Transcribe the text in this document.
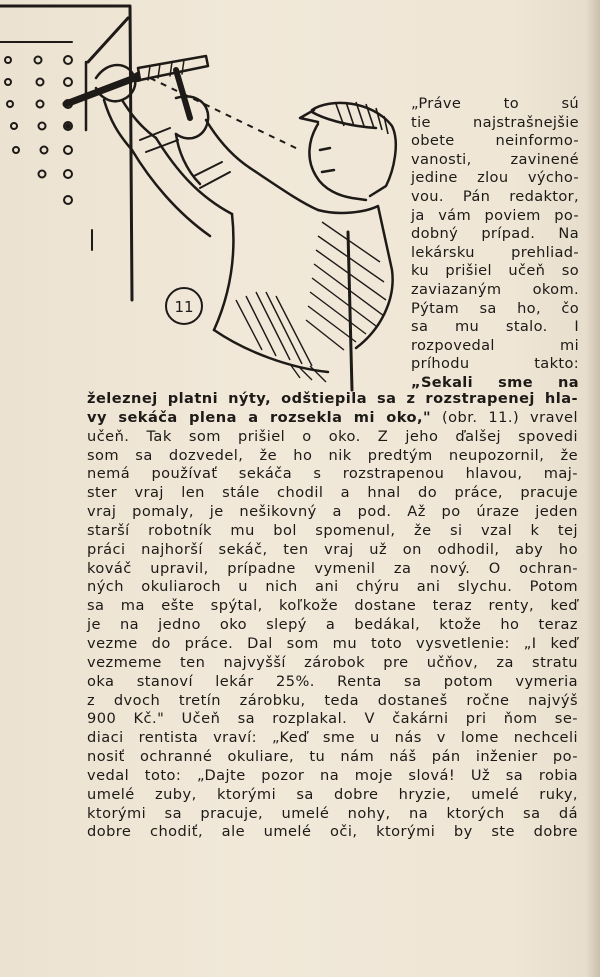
11
„Práve to sú
tie najstrašnejšie
obete neinformo-
vanosti, zavinené
jedine zlou výcho-
vou. Pán redaktor,
ja vám poviem po-
dobný prípad. Na
lekársku prehliad-
ku prišiel učeň so
zaviazaným okom.
Pýtam sa ho, čo
sa mu stalo. I
rozpovedal mi
príhodu takto:
„Sekali sme na
železnej platni nýty, odštiepila sa z rozstrapenej hla-
vy sekáča plena a rozsekla mi oko," (obr. 11.) vravel
učeň. Tak som prišiel o oko. Z jeho ďalšej spovedi
som sa dozvedel, že ho nik predtým neupozornil, že
nemá používať sekáča s rozstrapenou hlavou, maj-
ster vraj len stále chodil a hnal do práce, pracuje
vraj pomaly, je nešikovný a pod. Až po úraze jeden
starší robotník mu bol spomenul, že si vzal k tej
práci najhorší sekáč, ten vraj už on odhodil, aby ho
kováč upravil, prípadne vymenil za nový. O ochran-
ných okuliaroch u nich ani chýru ani slychu. Potom
sa ma ešte spýtal, koľkože dostane teraz renty, keď
je na jedno oko slepý a bedákal, ktože ho teraz
vezme do práce. Dal som mu toto vysvetlenie: „I keď
vezmeme ten najvyšší zárobok pre učňov, za stratu
oka stanoví lekár 25%. Renta sa potom vymeria
z dvoch tretín zárobku, teda dostaneš ročne najvýš
900 Kč." Učeň sa rozplakal. V čakárni pri ňom se-
diaci rentista vraví: „Keď sme u nás v lome nechceli
nosiť ochranné okuliare, tu nám náš pán inženier po-
vedal toto: „Dajte pozor na moje slová! Už sa robia
umelé zuby, ktorými sa dobre hryzie, umelé ruky,
ktorými sa pracuje, umelé nohy, na ktorých sa dá
dobre chodiť, ale umelé oči, ktorými by ste dobre
